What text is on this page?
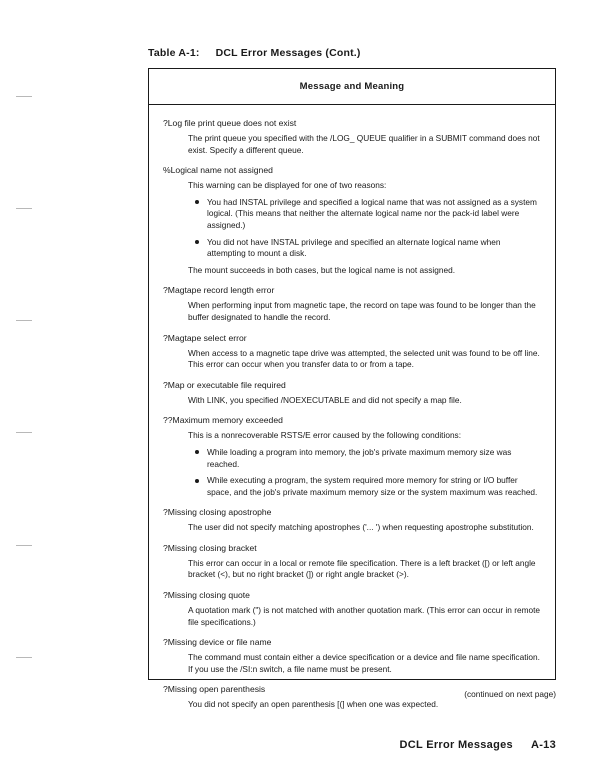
Table A-1: DCL Error Messages (Cont.)
Message and Meaning
?Log file print queue does not exist
The print queue you specified with the /LOG_ QUEUE qualifier in a SUBMIT command does not exist. Specify a different queue.
%Logical name not assigned
This warning can be displayed for one of two reasons:
You had INSTAL privilege and specified a logical name that was not assigned as a system logical. (This means that neither the alternate logical name nor the pack-id label were assigned.)
You did not have INSTAL privilege and specified an alternate logical name when attempting to mount a disk.
The mount succeeds in both cases, but the logical name is not assigned.
?Magtape record length error
When performing input from magnetic tape, the record on tape was found to be longer than the buffer designated to handle the record.
?Magtape select error
When access to a magnetic tape drive was attempted, the selected unit was found to be off line. This error can occur when you transfer data to or from a tape.
?Map or executable file required
With LINK, you specified /NOEXECUTABLE and did not specify a map file.
??Maximum memory exceeded
This is a nonrecoverable RSTS/E error caused by the following conditions:
While loading a program into memory, the job's private maximum memory size was reached.
While executing a program, the system required more memory for string or I/O buffer space, and the job's private maximum memory size or the system maximum was reached.
?Missing closing apostrophe
The user did not specify matching apostrophes ('... ') when requesting apostrophe substitution.
?Missing closing bracket
This error can occur in a local or remote file specification. There is a left bracket ([) or left angle bracket (<), but no right bracket (]) or right angle bracket (>).
?Missing closing quote
A quotation mark (") is not matched with another quotation mark. (This error can occur in remote file specifications.)
?Missing device or file name
The command must contain either a device specification or a device and file name specification. If you use the /SI:n switch, a file name must be present.
?Missing open parenthesis
You did not specify an open parenthesis [(] when one was expected.
(continued on next page)
DCL Error Messages A-13
